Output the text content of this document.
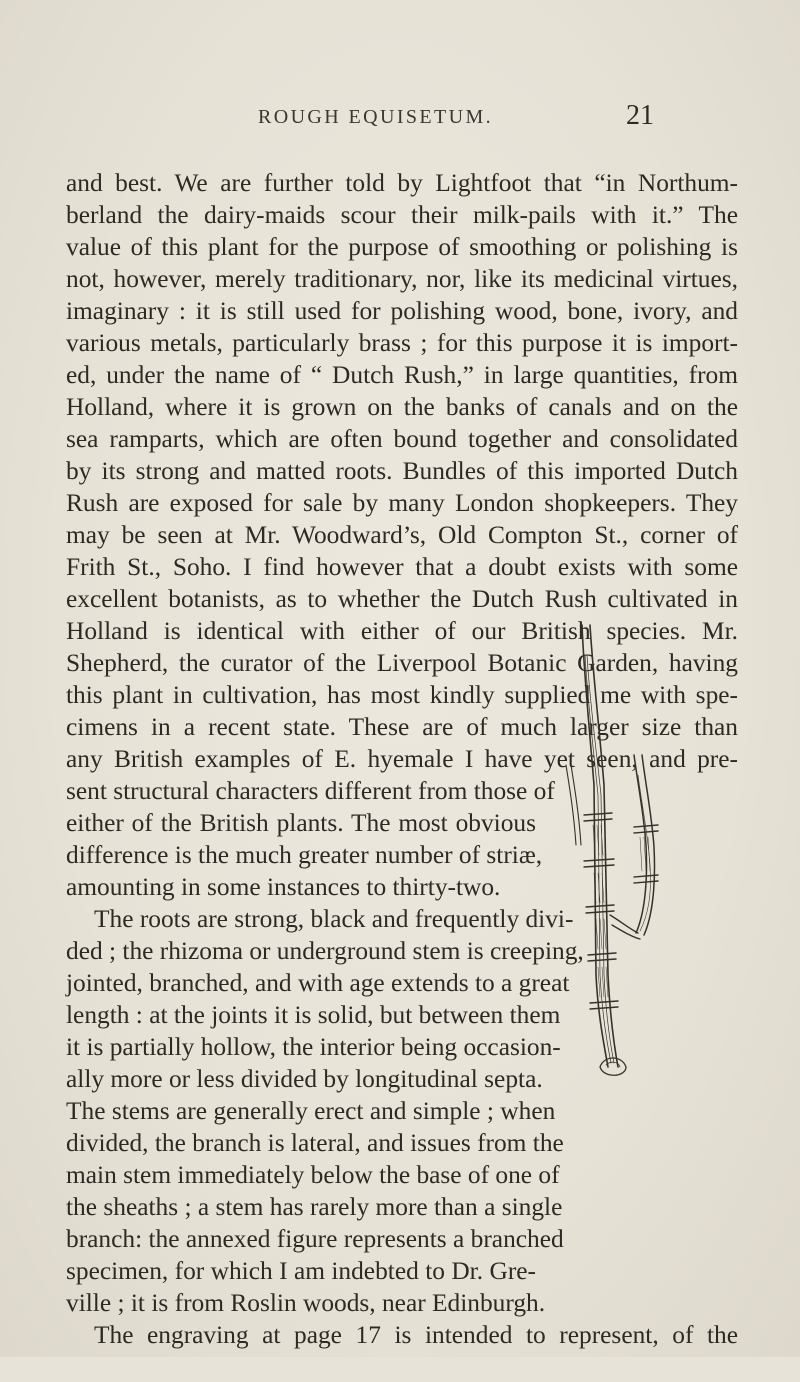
ROUGH EQUISETUM.	21
and best. We are further told by Lightfoot that “in Northum-
berland the dairy-maids scour their milk-pails with it.” The
value of this plant for the purpose of smoothing or polishing is
not, however, merely traditionary, nor, like its medicinal virtues,
imaginary : it is still used for polishing wood, bone, ivory, and
various metals, particularly brass ; for this purpose it is import-
ed, under the name of “ Dutch Rush,” in large quantities, from
Holland, where it is grown on the banks of canals and on the
sea ramparts, which are often bound together and consolidated
by its strong and matted roots. Bundles of this imported Dutch
Rush are exposed for sale by many London shopkeepers. They
may be seen at Mr. Woodward’s, Old Compton St., corner of
Frith St., Soho. I find however that a doubt exists with some
excellent botanists, as to whether the Dutch Rush cultivated in
Holland is identical with either of our British species. Mr.
Shepherd, the curator of the Liverpool Botanic Garden, having
this plant in cultivation, has most kindly supplied me with spe-
cimens in a recent state. These are of much larger size than
any British examples of E. hyemale I have yet seen, and pre-
sent structural characters different from those of
either of the British plants. The most obvious
difference is the much greater number of striæ,
amounting in some instances to thirty-two.
The roots are strong, black and frequently divi-
ded ; the rhizoma or underground stem is creeping,
jointed, branched, and with age extends to a great
length : at the joints it is solid, but between them
it is partially hollow, the interior being occasion-
ally more or less divided by longitudinal septa.
The stems are generally erect and simple ; when
divided, the branch is lateral, and issues from the
main stem immediately below the base of one of
the sheaths ; a stem has rarely more than a single
branch: the annexed figure represents a branched
specimen, for which I am indebted to Dr. Gre-
ville ; it is from Roslin woods, near Edinburgh.
The engraving at page 17 is intended to represent, of the
